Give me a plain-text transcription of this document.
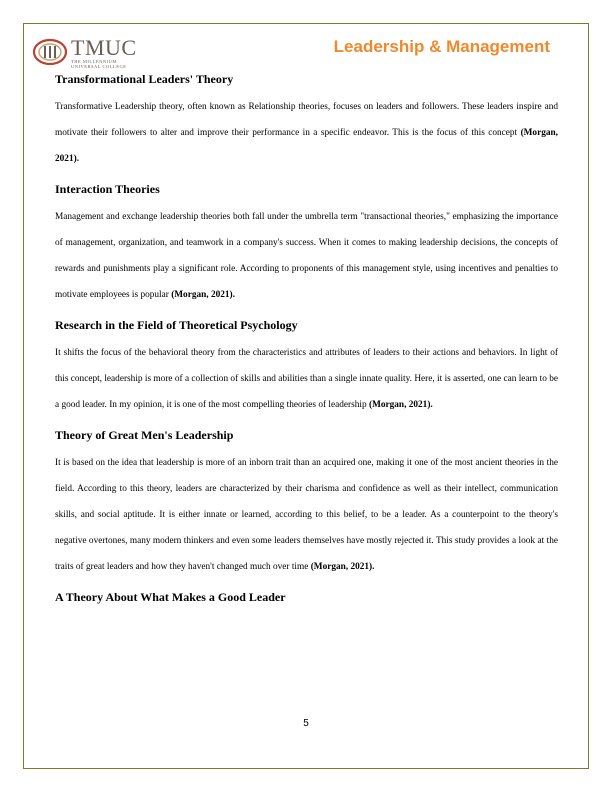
TMUC
THE MILLENNIUM
UNIVERSAL COLLEGE
Leadership & Management
Transformational Leaders' Theory

Transformative Leadership theory, often known as Relationship theories, focuses on leaders and followers. These leaders inspire and motivate their followers to alter and improve their performance in a specific endeavor. This is the focus of this concept (Morgan, 2021).

Interaction Theories

Management and exchange leadership theories both fall under the umbrella term "transactional theories," emphasizing the importance of management, organization, and teamwork in a company's success. When it comes to making leadership decisions, the concepts of rewards and punishments play a significant role. According to proponents of this management style, using incentives and penalties to motivate employees is popular (Morgan, 2021).

Research in the Field of Theoretical Psychology

It shifts the focus of the behavioral theory from the characteristics and attributes of leaders to their actions and behaviors. In light of this concept, leadership is more of a collection of skills and abilities than a single innate quality. Here, it is asserted, one can learn to be a good leader. In my opinion, it is one of the most compelling theories of leadership (Morgan, 2021).

Theory of Great Men's Leadership

It is based on the idea that leadership is more of an inborn trait than an acquired one, making it one of the most ancient theories in the field. According to this theory, leaders are characterized by their charisma and confidence as well as their intellect, communication skills, and social aptitude. It is either innate or learned, according to this belief, to be a leader. As a counterpoint to the theory's negative overtones, many modern thinkers and even some leaders themselves have mostly rejected it. This study provides a look at the traits of great leaders and how they haven't changed much over time (Morgan, 2021).

A Theory About What Makes a Good Leader
5
